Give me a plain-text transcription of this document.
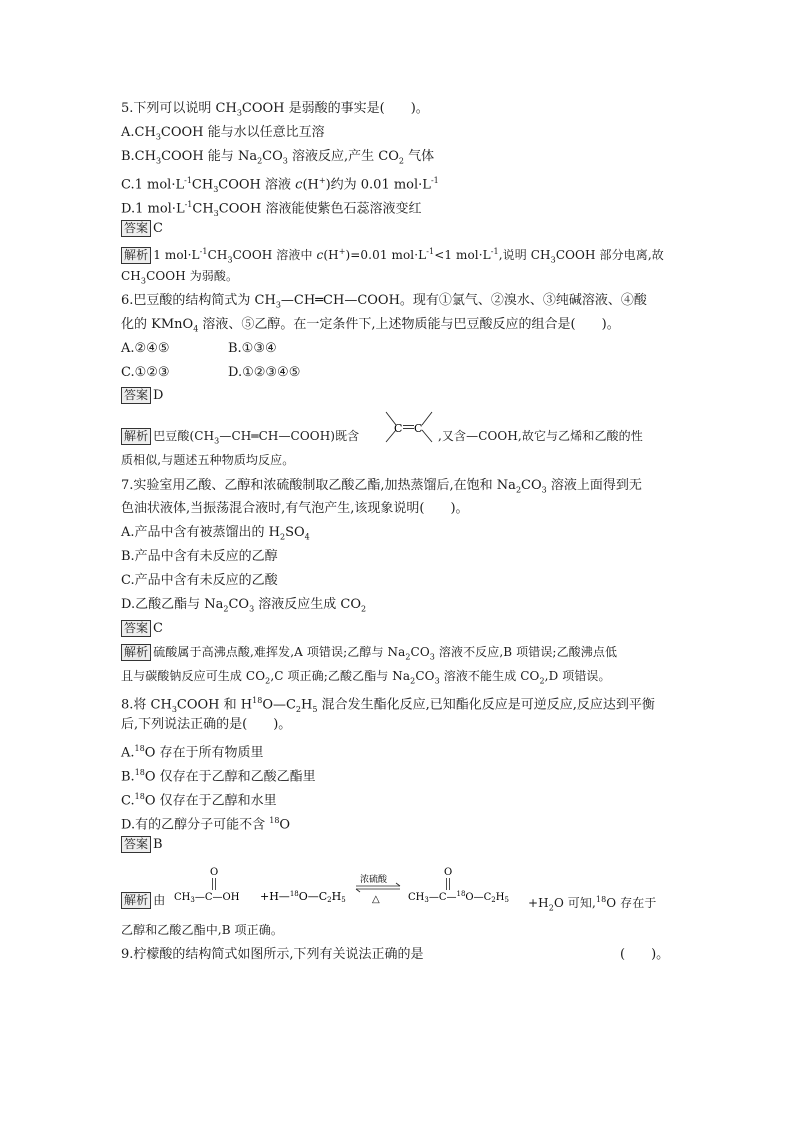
5.下列可以说明 $CH_3COOH$ 是弱酸的事实是(　　)。
$A.CH_3COOH$ 能与水以任意比互溶
$B.CH_3COOH$ 能与 $Na_2CO_3$ 溶液反应,产生 $CO_2$ 气体
C.1 $mol\cdot L^{-1}CH_3COOH$ 溶液 c(H+)约为 0.01 $mol\cdot L^{-1}$
D.1 $mol\cdot L^{-1}CH_3COOH$ 溶液能使紫色石蕊溶液变红
答案 C
解析 1 $mol\cdot L^{-1}CH_3COOH$ 溶液中 c(H+)=0.01 $mol\cdot L^{-1}<1$ $mol\cdot L^{-1}$,说明 $CH_3COOH$ 部分电离,故
$CH_3COOH$ 为弱酸。
6.巴豆酸的结构简式为 $CH_3—CH═CH—COOH$。现有①氯气、②溴水、③纯碱溶液、④酸
化的 KMnO$_4$ 溶液、⑤乙醇。在一定条件下,上述物质能与巴豆酸反应的组合是(　　)。
A.②④⑤	B.①③④
C.①②③	D.①②③④⑤
答案 D
解析 巴豆酸$(CH_3—CH═CH—COOH)$既含
C C
,又含—COOH,故它与乙烯和乙酸的性
质相似,与题述五种物质均反应。
7.实验室用乙酸、乙醇和浓硫酸制取乙酸乙酯,加热蒸馏后,在饱和 $Na_2CO_3$ 溶液上面得到无
色油状液体,当振荡混合液时,有气泡产生,该现象说明(　　)。
A.产品中含有被蒸馏出的 $H_2SO_4$
B.产品中含有未反应的乙醇
C.产品中含有未反应的乙酸
D.乙酸乙酯与 $Na_2CO_3$ 溶液反应生成 $CO_2$
答案 C
解析 硫酸属于高沸点酸,难挥发,A 项错误;乙醇与 $Na_2CO_3$ 溶液不反应,B 项错误;乙酸沸点低
且与碳酸钠反应可生成 $CO_2,C$ 项正确;乙酸乙酯与 $Na_2CO_3$ 溶液不能生成 $CO_2,D$ 项错误。
8.将 $CH_3COOH$ 和 $H^{18}O—C_2H_5$ 混合发生酯化反应,已知酯化反应是可逆反应,反应达到平衡
后,下列说法正确的是(　　)。
A.$^{18}$O 存在于所有物质里
B.$^{18}$O 仅存在于乙醇和乙酸乙酯里
C.$^{18}$O 仅存在于乙醇和水里
D.有的乙醇分子可能不含 $^{18}$O
答案 B
解析 由 $CH_3—C—OH$
O
+H—$^{18}$O—C2H5
浓硫酸
△	$CH_3—C—^{18}O—C_2H_5$
O
$+H_2O$ 可知,$^{18}$O 存在于
乙醇和乙酸乙酯中,B 项正确。
9.柠檬酸的结构简式如图所示,下列有关说法正确的是	(　　)。
